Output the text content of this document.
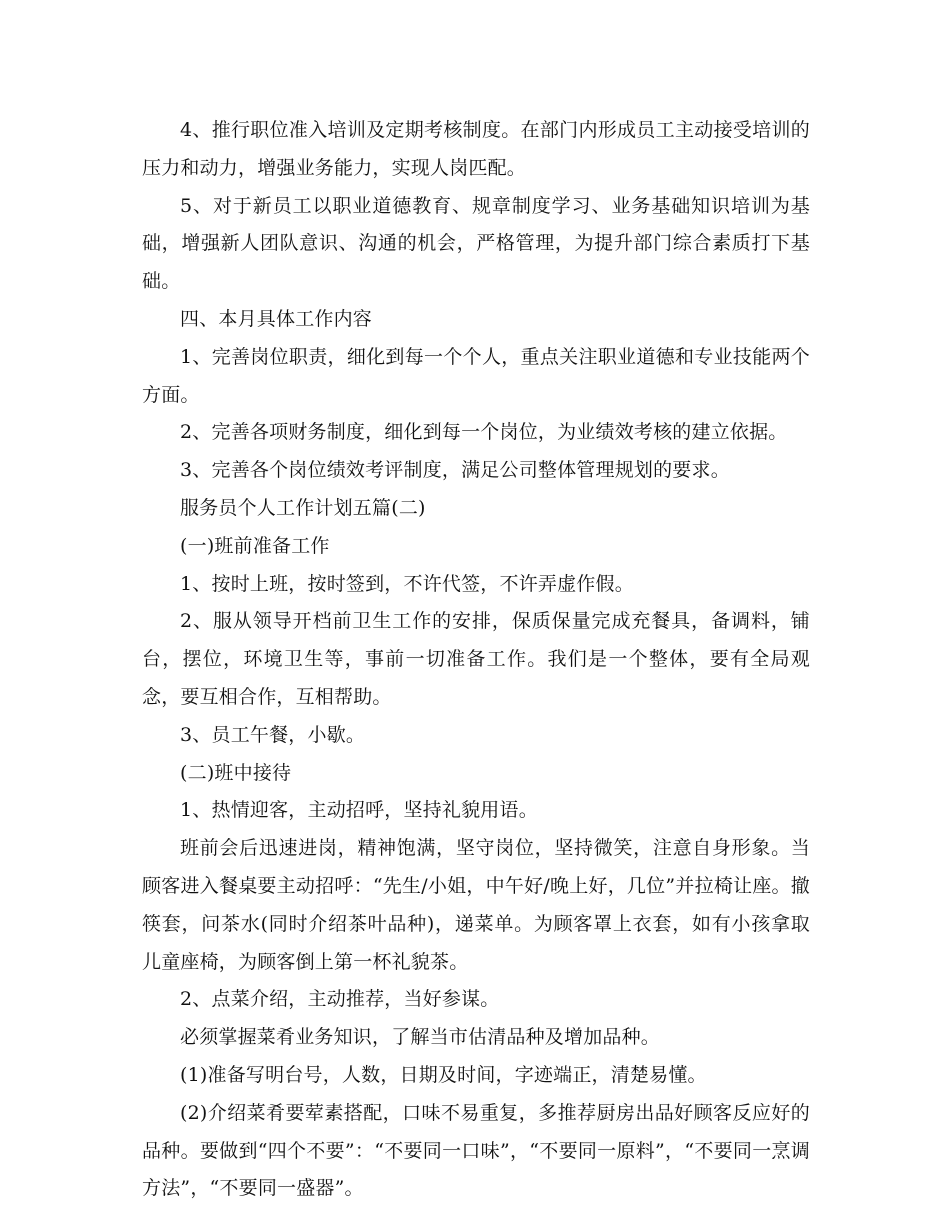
4、推行职位准入培训及定期考核制度。在部门内形成员工主动接受培训的压力和动力，增强业务能力，实现人岗匹配。

5、对于新员工以职业道德教育、规章制度学习、业务基础知识培训为基础，增强新人团队意识、沟通的机会，严格管理，为提升部门综合素质打下基础。

四、本月具体工作内容

1、完善岗位职责，细化到每一个个人，重点关注职业道德和专业技能两个方面。

2、完善各项财务制度，细化到每一个岗位，为业绩效考核的建立依据。

3、完善各个岗位绩效考评制度，满足公司整体管理规划的要求。

服务员个人工作计划五篇(二)

(一)班前准备工作

1、按时上班，按时签到，不许代签，不许弄虚作假。

2、服从领导开档前卫生工作的安排，保质保量完成充餐具，备调料，铺台，摆位，环境卫生等，事前一切准备工作。我们是一个整体，要有全局观念，要互相合作，互相帮助。

3、员工午餐，小歇。

(二)班中接待

1、热情迎客，主动招呼，坚持礼貌用语。

班前会后迅速进岗，精神饱满，坚守岗位，坚持微笑，注意自身形象。当顾客进入餐桌要主动招呼：“先生/小姐，中午好/晚上好，几位”并拉椅让座。撤筷套，问茶水(同时介绍茶叶品种)，递菜单。为顾客罩上衣套，如有小孩拿取儿童座椅，为顾客倒上第一杯礼貌茶。

2、点菜介绍，主动推荐，当好参谋。

必须掌握菜肴业务知识，了解当市估清品种及增加品种。

(1)准备写明台号，人数，日期及时间，字迹端正，清楚易懂。

(2)介绍菜肴要荤素搭配，口味不易重复，多推荐厨房出品好顾客反应好的品种。要做到“四个不要”：“不要同一口味”，“不要同一原料”，“不要同一烹调方法”，“不要同一盛器”。
